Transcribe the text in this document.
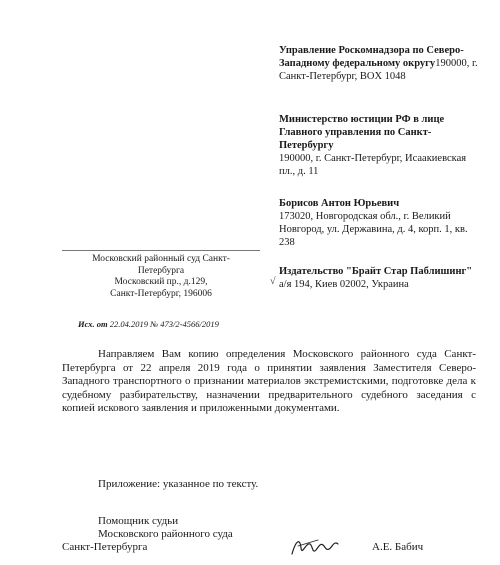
Управление Роскомнадзора по Северо-Западному федеральному округу190000, г. Санкт-Петербург, BOX 1048
Министерство юстиции РФ в лице Главного управления по Санкт-Петербургу
190000, г. Санкт-Петербург, Исаакиевская пл., д. 11
Борисов Антон Юрьевич
173020, Новгородская обл., г. Великий Новгород, ул. Державина, д. 4, корп. 1, кв. 238
√
Издательство "Брайт Стар Паблишинг"
а/я 194, Киев 02002, Украина
Московский районный суд Санкт-
Петербурга
Московский пр., д.129,
Санкт-Петербург, 196006
Исх. от 22.04.2019 № 473/2-4566/2019
Направляем Вам копию определения Московского районного суда Санкт-Петербурга от 22 апреля 2019 года о принятии заявления Заместителя Северо-Западного транспортного о признании материалов экстремистскими, подготовке дела к судебному разбирательству, назначении предварительного судебного заседания с копией искового заявления и приложенными документами.
Приложение: указанное по тексту.
Помощник судьи
Московского районного суда
Санкт-Петербурга	А.Е. Бабич
